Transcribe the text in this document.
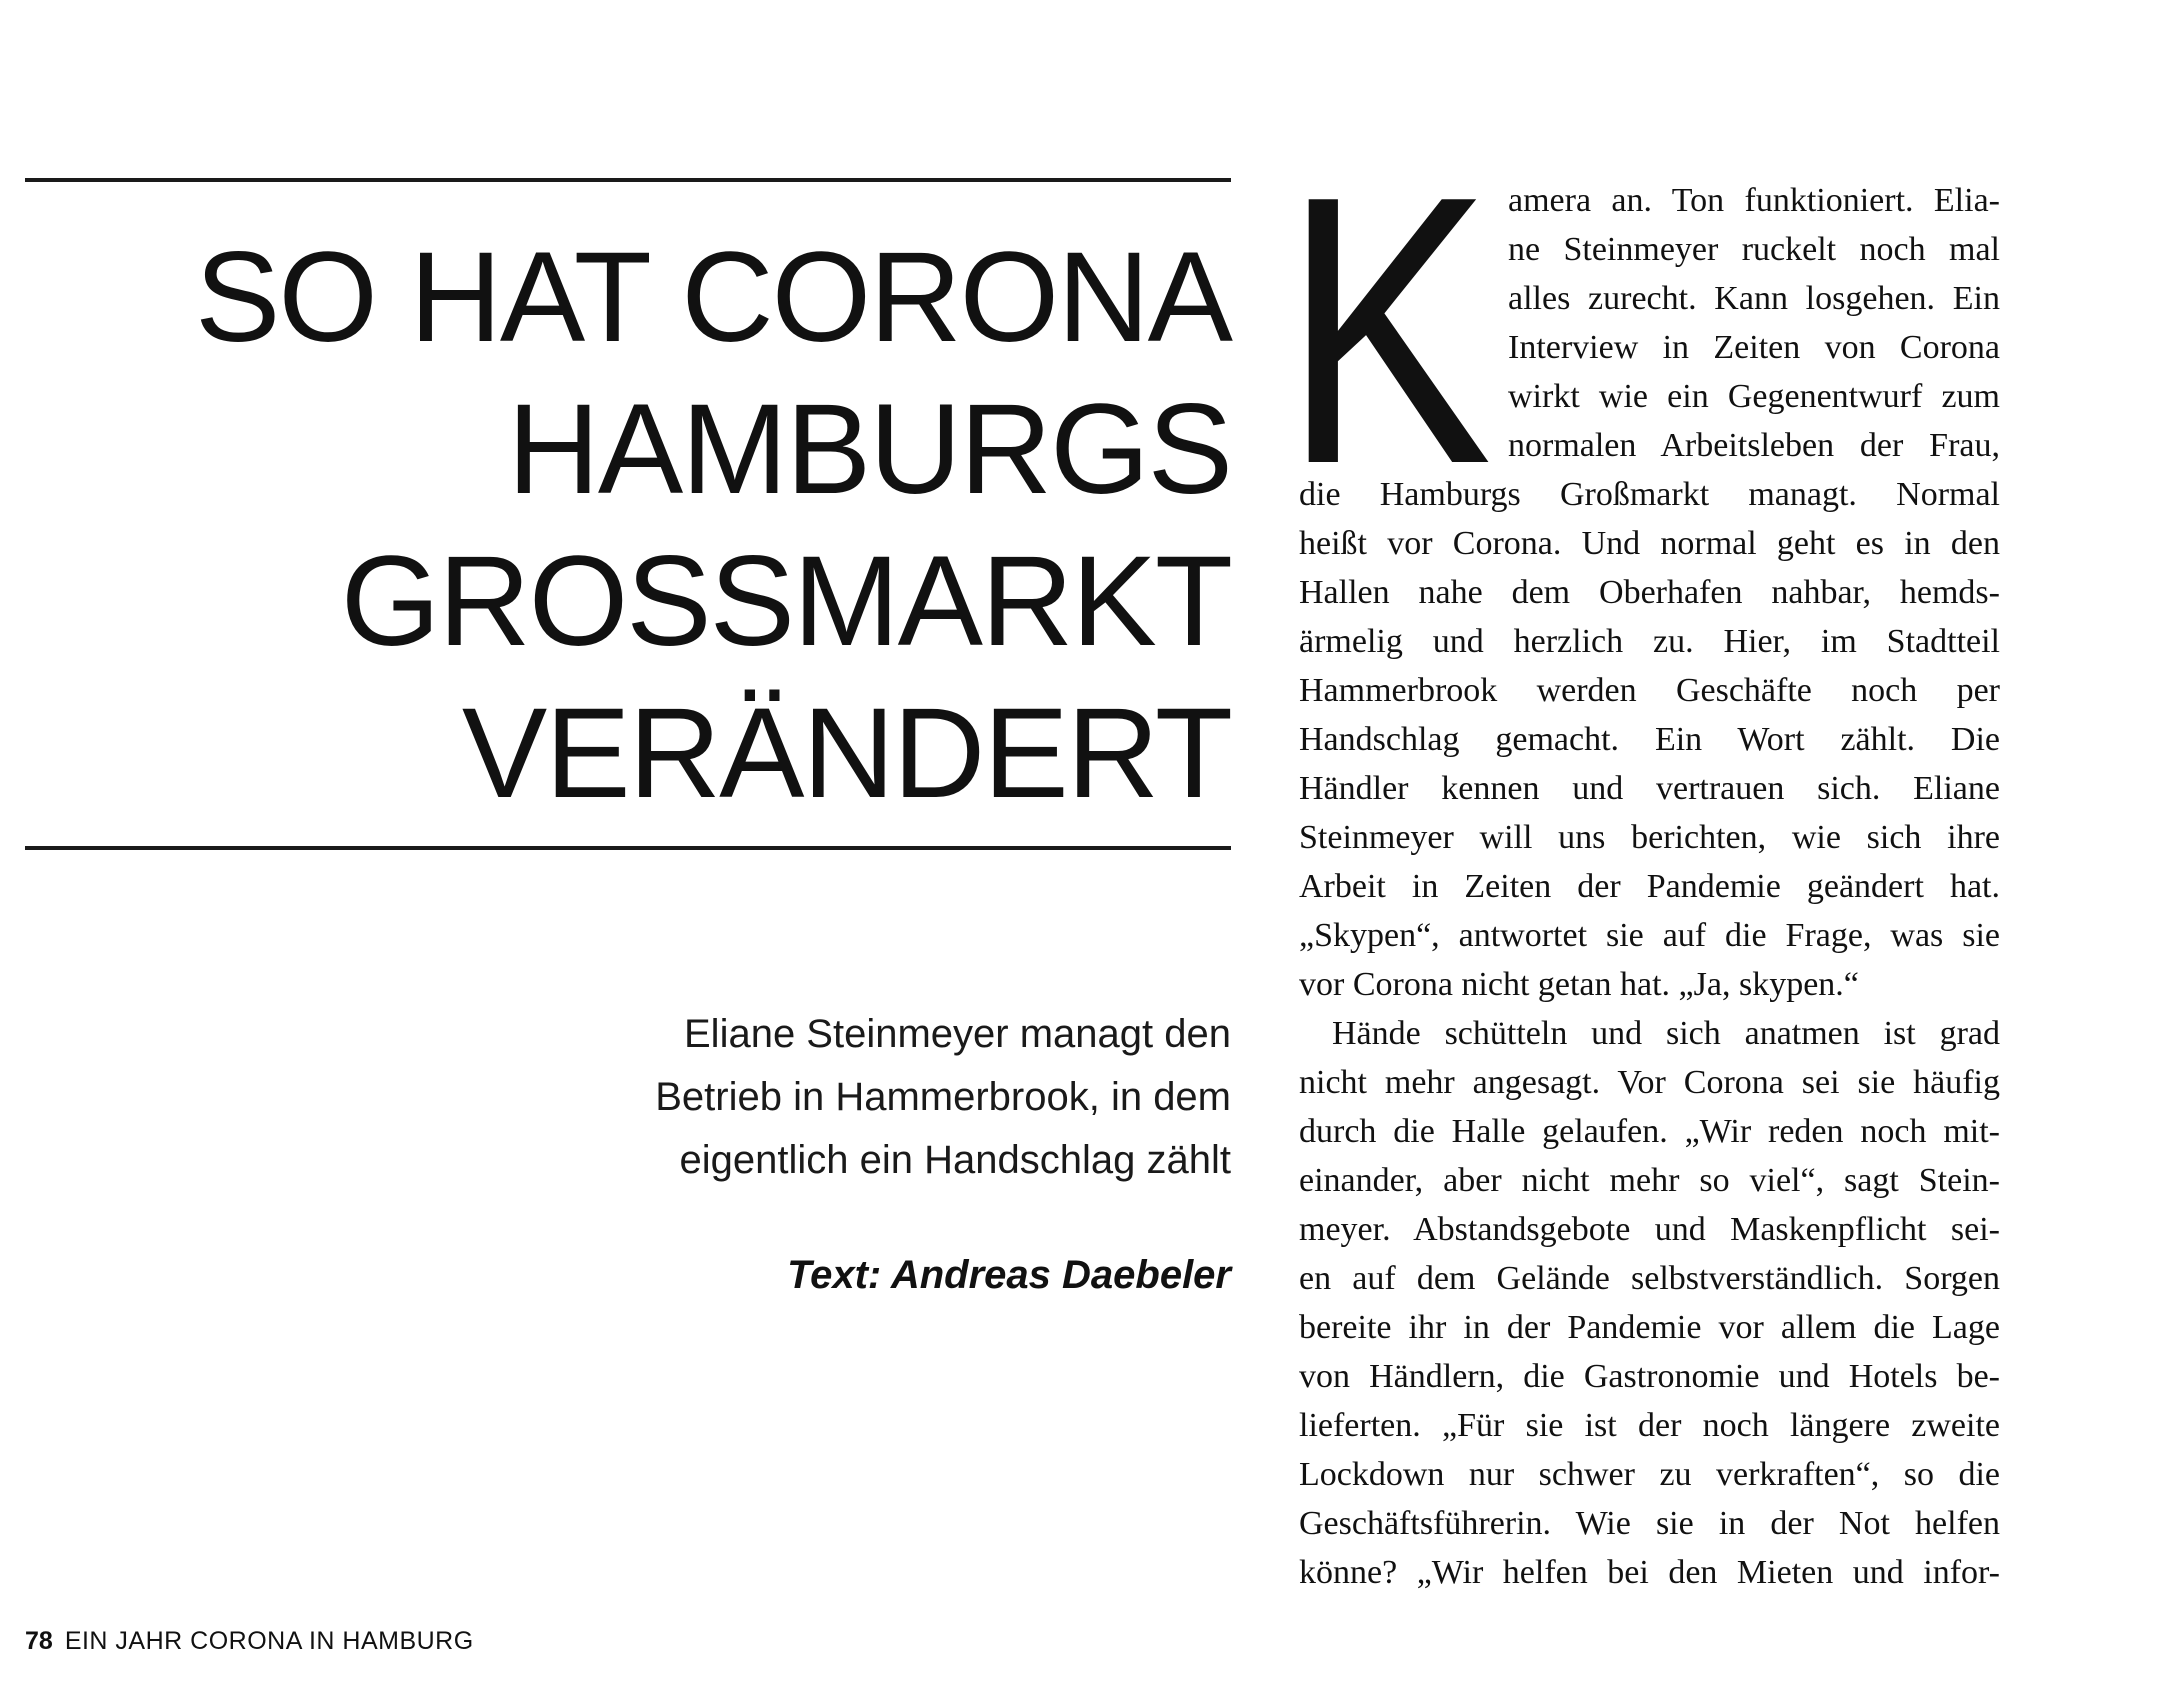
SO HAT CORONA
HAMBURGS
GROSSMARKT
VERÄNDERT

Eliane Steinmeyer managt den
Betrieb in Hammerbrook, in dem
eigentlich ein Handschlag zählt

Text: Andreas Daebeler

K amera an. Ton funktioniert. Elia-
ne Steinmeyer ruckelt noch mal
alles zurecht. Kann losgehen. Ein
Interview in Zeiten von Corona
wirkt wie ein Gegenentwurf zum
normalen Arbeitsleben der Frau,
die Hamburgs Großmarkt managt. Normal
heißt vor Corona. Und normal geht es in den
Hallen nahe dem Oberhafen nahbar, hemds-
ärmelig und herzlich zu. Hier, im Stadtteil
Hammerbrook werden Geschäfte noch per
Handschlag gemacht. Ein Wort zählt. Die
Händler kennen und vertrauen sich. Eliane
Steinmeyer will uns berichten, wie sich ihre
Arbeit in Zeiten der Pandemie geändert hat.
„Skypen“, antwortet sie auf die Frage, was sie
vor Corona nicht getan hat. „Ja, skypen.“
Hände schütteln und sich anatmen ist grad
nicht mehr angesagt. Vor Corona sei sie häufig
durch die Halle gelaufen. „Wir reden noch mit-
einander, aber nicht mehr so viel“, sagt Stein-
meyer. Abstandsgebote und Maskenpflicht sei-
en auf dem Gelände selbstverständlich. Sorgen
bereite ihr in der Pandemie vor allem die Lage
von Händlern, die Gastronomie und Hotels be-
lieferten. „Für sie ist der noch längere zweite
Lockdown nur schwer zu verkraften“, so die
Geschäftsführerin. Wie sie in der Not helfen
könne? „Wir helfen bei den Mieten und infor-
78 EIN JAHR CORONA IN HAMBURG
